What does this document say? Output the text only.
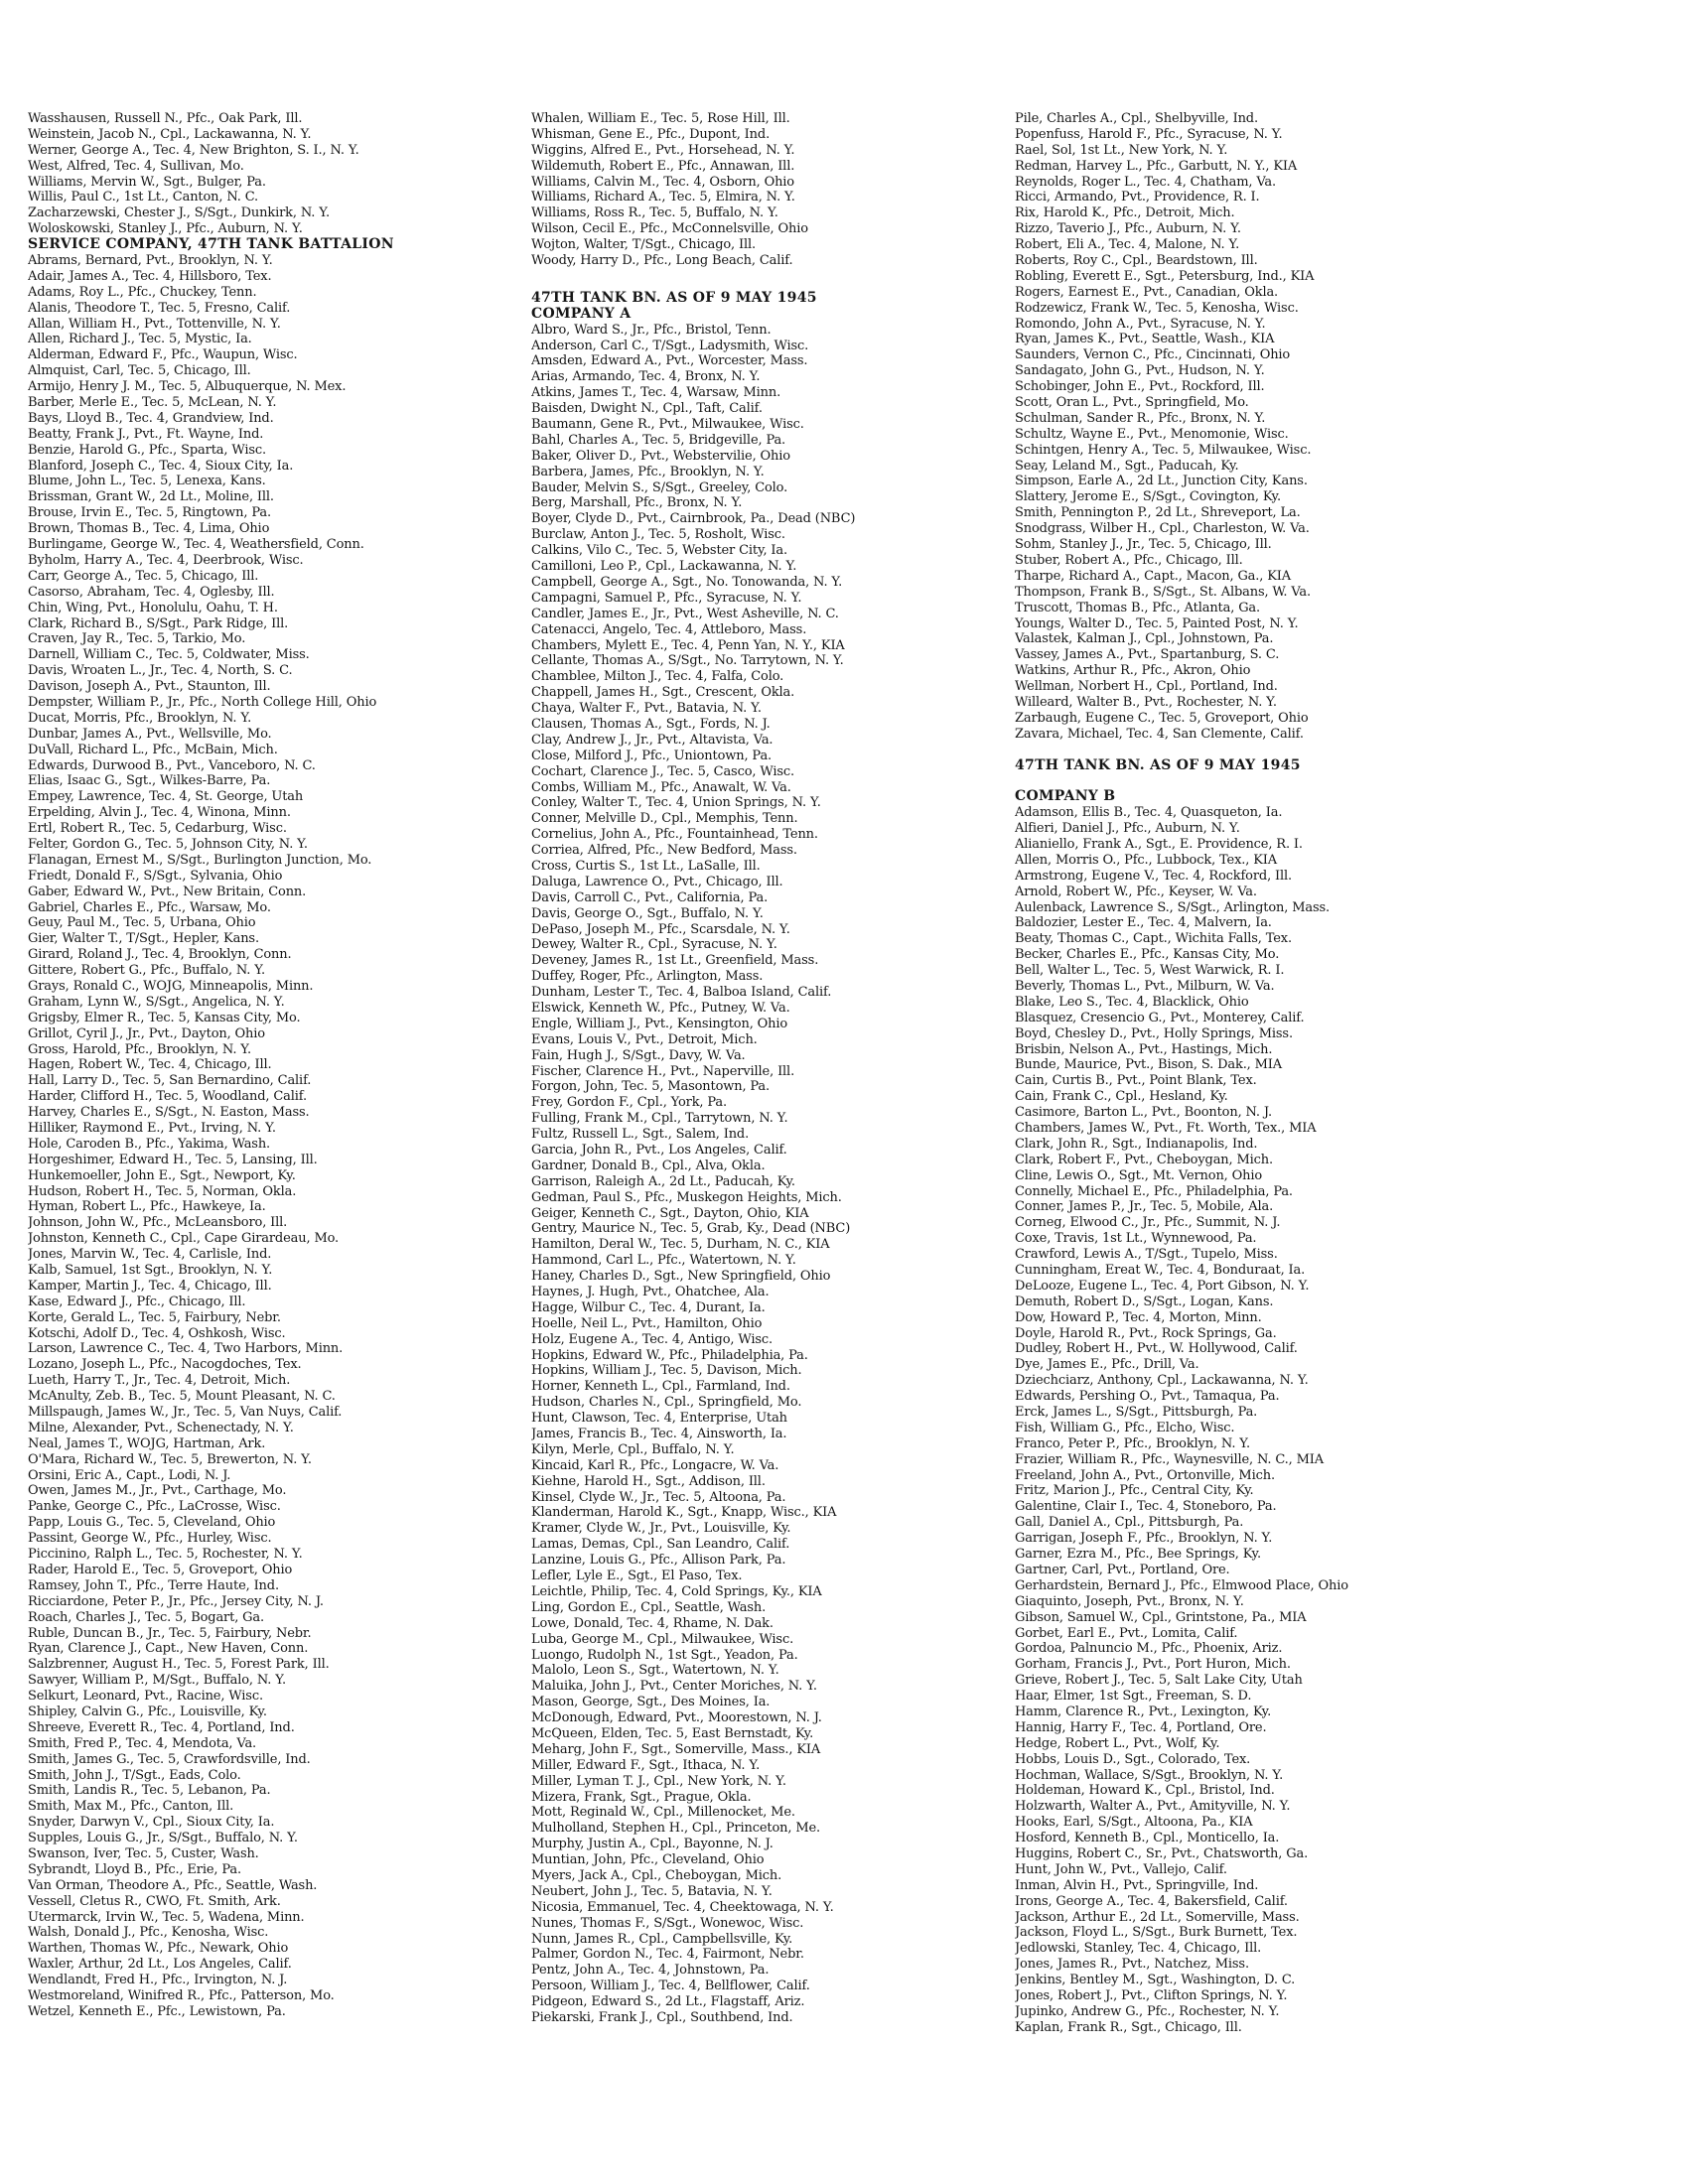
Wasshausen, Russell N., Pfc., Oak Park, Ill.
Weinstein, Jacob N., Cpl., Lackawanna, N. Y.
Werner, George A., Tec. 4, New Brighton, S. I., N. Y.
West, Alfred, Tec. 4, Sullivan, Mo.
Williams, Mervin W., Sgt., Bulger, Pa.
Willis, Paul C., 1st Lt., Canton, N. C.
Zacharzewski, Chester J., S/Sgt., Dunkirk, N. Y.
Woloskowski, Stanley J., Pfc., Auburn, N. Y.
SERVICE COMPANY, 47TH TANK BATTALION
Abrams, Bernard, Pvt., Brooklyn, N. Y.
Adair, James A., Tec. 4, Hillsboro, Tex.
Adams, Roy L., Pfc., Chuckey, Tenn.
Alanis, Theodore T., Tec. 5, Fresno, Calif.
Allan, William H., Pvt., Tottenville, N. Y.
Allen, Richard J., Tec. 5, Mystic, Ia.
Alderman, Edward F., Pfc., Waupun, Wisc.
Almquist, Carl, Tec. 5, Chicago, Ill.
Armijo, Henry J. M., Tec. 5, Albuquerque, N. Mex.
Barber, Merle E., Tec. 5, McLean, N. Y.
Bays, Lloyd B., Tec. 4, Grandview, Ind.
Beatty, Frank J., Pvt., Ft. Wayne, Ind.
Benzie, Harold G., Pfc., Sparta, Wisc.
Blanford, Joseph C., Tec. 4, Sioux City, Ia.
Blume, John L., Tec. 5, Lenexa, Kans.
Brissman, Grant W., 2d Lt., Moline, Ill.
Brouse, Irvin E., Tec. 5, Ringtown, Pa.
Brown, Thomas B., Tec. 4, Lima, Ohio
Burlingame, George W., Tec. 4, Weathersfield, Conn.
Byholm, Harry A., Tec. 4, Deerbrook, Wisc.
Carr, George A., Tec. 5, Chicago, Ill.
Casorso, Abraham, Tec. 4, Oglesby, Ill.
Chin, Wing, Pvt., Honolulu, Oahu, T. H.
Clark, Richard B., S/Sgt., Park Ridge, Ill.
Craven, Jay R., Tec. 5, Tarkio, Mo.
Darnell, William C., Tec. 5, Coldwater, Miss.
Davis, Wroaten L., Jr., Tec. 4, North, S. C.
Davison, Joseph A., Pvt., Staunton, Ill.
Dempster, William P., Jr., Pfc., North College Hill, Ohio
Ducat, Morris, Pfc., Brooklyn, N. Y.
Dunbar, James A., Pvt., Wellsville, Mo.
DuVall, Richard L., Pfc., McBain, Mich.
Edwards, Durwood B., Pvt., Vanceboro, N. C.
Elias, Isaac G., Sgt., Wilkes-Barre, Pa.
Empey, Lawrence, Tec. 4, St. George, Utah
Erpelding, Alvin J., Tec. 4, Winona, Minn.
Ertl, Robert R., Tec. 5, Cedarburg, Wisc.
Felter, Gordon G., Tec. 5, Johnson City, N. Y.
Flanagan, Ernest M., S/Sgt., Burlington Junction, Mo.
Friedt, Donald F., S/Sgt., Sylvania, Ohio
Gaber, Edward W., Pvt., New Britain, Conn.
Gabriel, Charles E., Pfc., Warsaw, Mo.
Geuy, Paul M., Tec. 5, Urbana, Ohio
Gier, Walter T., T/Sgt., Hepler, Kans.
Girard, Roland J., Tec. 4, Brooklyn, Conn.
Gittere, Robert G., Pfc., Buffalo, N. Y.
Grays, Ronald C., WOJG, Minneapolis, Minn.
Graham, Lynn W., S/Sgt., Angelica, N. Y.
Grigsby, Elmer R., Tec. 5, Kansas City, Mo.
Grillot, Cyril J., Jr., Pvt., Dayton, Ohio
Gross, Harold, Pfc., Brooklyn, N. Y.
Hagen, Robert W., Tec. 4, Chicago, Ill.
Hall, Larry D., Tec. 5, San Bernardino, Calif.
Harder, Clifford H., Tec. 5, Woodland, Calif.
Harvey, Charles E., S/Sgt., N. Easton, Mass.
Hilliker, Raymond E., Pvt., Irving, N. Y.
Hole, Caroden B., Pfc., Yakima, Wash.
Horgeshimer, Edward H., Tec. 5, Lansing, Ill.
Hunkemoeller, John E., Sgt., Newport, Ky.
Hudson, Robert H., Tec. 5, Norman, Okla.
Hyman, Robert L., Pfc., Hawkeye, Ia.
Johnson, John W., Pfc., McLeansboro, Ill.
Johnston, Kenneth C., Cpl., Cape Girardeau, Mo.
Jones, Marvin W., Tec. 4, Carlisle, Ind.
Kalb, Samuel, 1st Sgt., Brooklyn, N. Y.
Kamper, Martin J., Tec. 4, Chicago, Ill.
Kase, Edward J., Pfc., Chicago, Ill.
Korte, Gerald L., Tec. 5, Fairbury, Nebr.
Kotschi, Adolf D., Tec. 4, Oshkosh, Wisc.
Larson, Lawrence C., Tec. 4, Two Harbors, Minn.
Lozano, Joseph L., Pfc., Nacogdoches, Tex.
Lueth, Harry T., Jr., Tec. 4, Detroit, Mich.
McAnulty, Zeb. B., Tec. 5, Mount Pleasant, N. C.
Millspaugh, James W., Jr., Tec. 5, Van Nuys, Calif.
Milne, Alexander, Pvt., Schenectady, N. Y.
Neal, James T., WOJG, Hartman, Ark.
O'Mara, Richard W., Tec. 5, Brewerton, N. Y.
Orsini, Eric A., Capt., Lodi, N. J.
Owen, James M., Jr., Pvt., Carthage, Mo.
Panke, George C., Pfc., LaCrosse, Wisc.
Papp, Louis G., Tec. 5, Cleveland, Ohio
Passint, George W., Pfc., Hurley, Wisc.
Piccinino, Ralph L., Tec. 5, Rochester, N. Y.
Rader, Harold E., Tec. 5, Groveport, Ohio
Ramsey, John T., Pfc., Terre Haute, Ind.
Ricciardone, Peter P., Jr., Pfc., Jersey City, N. J.
Roach, Charles J., Tec. 5, Bogart, Ga.
Ruble, Duncan B., Jr., Tec. 5, Fairbury, Nebr.
Ryan, Clarence J., Capt., New Haven, Conn.
Salzbrenner, August H., Tec. 5, Forest Park, Ill.
Sawyer, William P., M/Sgt., Buffalo, N. Y.
Selkurt, Leonard, Pvt., Racine, Wisc.
Shipley, Calvin G., Pfc., Louisville, Ky.
Shreeve, Everett R., Tec. 4, Portland, Ind.
Smith, Fred P., Tec. 4, Mendota, Va.
Smith, James G., Tec. 5, Crawfordsville, Ind.
Smith, John J., T/Sgt., Eads, Colo.
Smith, Landis R., Tec. 5, Lebanon, Pa.
Smith, Max M., Pfc., Canton, Ill.
Snyder, Darwyn V., Cpl., Sioux City, Ia.
Supples, Louis G., Jr., S/Sgt., Buffalo, N. Y.
Swanson, Iver, Tec. 5, Custer, Wash.
Sybrandt, Lloyd B., Pfc., Erie, Pa.
Van Orman, Theodore A., Pfc., Seattle, Wash.
Vessell, Cletus R., CWO, Ft. Smith, Ark.
Utermarck, Irvin W., Tec. 5, Wadena, Minn.
Walsh, Donald J., Pfc., Kenosha, Wisc.
Warthen, Thomas W., Pfc., Newark, Ohio
Waxler, Arthur, 2d Lt., Los Angeles, Calif.
Wendlandt, Fred H., Pfc., Irvington, N. J.
Westmoreland, Winifred R., Pfc., Patterson, Mo.
Wetzel, Kenneth E., Pfc., Lewistown, Pa.
Whalen, William E., Tec. 5, Rose Hill, Ill.
Whisman, Gene E., Pfc., Dupont, Ind.
Wiggins, Alfred E., Pvt., Horsehead, N. Y.
Wildemuth, Robert E., Pfc., Annawan, Ill.
Williams, Calvin M., Tec. 4, Osborn, Ohio
Williams, Richard A., Tec. 5, Elmira, N. Y.
Williams, Ross R., Tec. 5, Buffalo, N. Y.
Wilson, Cecil E., Pfc., McConnelsville, Ohio
Wojton, Walter, T/Sgt., Chicago, Ill.
Woody, Harry D., Pfc., Long Beach, Calif.
47TH TANK BN. AS OF 9 MAY 1945
COMPANY A
Albro, Ward S., Jr., Pfc., Bristol, Tenn.
Anderson, Carl C., T/Sgt., Ladysmith, Wisc.
Amsden, Edward A., Pvt., Worcester, Mass.
Arias, Armando, Tec. 4, Bronx, N. Y.
Atkins, James T., Tec. 4, Warsaw, Minn.
Baisden, Dwight N., Cpl., Taft, Calif.
Baumann, Gene R., Pvt., Milwaukee, Wisc.
Bahl, Charles A., Tec. 5, Bridgeville, Pa.
Baker, Oliver D., Pvt., Webstervilie, Ohio
Barbera, James, Pfc., Brooklyn, N. Y.
Bauder, Melvin S., S/Sgt., Greeley, Colo.
Berg, Marshall, Pfc., Bronx, N. Y.
Boyer, Clyde D., Pvt., Cairnbrook, Pa., Dead (NBC)
Burclaw, Anton J., Tec. 5, Rosholt, Wisc.
Calkins, Vilo C., Tec. 5, Webster City, Ia.
Camilloni, Leo P., Cpl., Lackawanna, N. Y.
Campbell, George A., Sgt., No. Tonowanda, N. Y.
Campagni, Samuel P., Pfc., Syracuse, N. Y.
Candler, James E., Jr., Pvt., West Asheville, N. C.
Catenacci, Angelo, Tec. 4, Attleboro, Mass.
Chambers, Mylett E., Tec. 4, Penn Yan, N. Y., KIA
Cellante, Thomas A., S/Sgt., No. Tarrytown, N. Y.
Chamblee, Milton J., Tec. 4, Falfa, Colo.
Chappell, James H., Sgt., Crescent, Okla.
Chaya, Walter F., Pvt., Batavia, N. Y.
Clausen, Thomas A., Sgt., Fords, N. J.
Clay, Andrew J., Jr., Pvt., Altavista, Va.
Close, Milford J., Pfc., Uniontown, Pa.
Cochart, Clarence J., Tec. 5, Casco, Wisc.
Combs, William M., Pfc., Anawalt, W. Va.
Conley, Walter T., Tec. 4, Union Springs, N. Y.
Conner, Melville D., Cpl., Memphis, Tenn.
Cornelius, John A., Pfc., Fountainhead, Tenn.
Corriea, Alfred, Pfc., New Bedford, Mass.
Cross, Curtis S., 1st Lt., LaSalle, Ill.
Daluga, Lawrence O., Pvt., Chicago, Ill.
Davis, Carroll C., Pvt., California, Pa.
Davis, George O., Sgt., Buffalo, N. Y.
DePaso, Joseph M., Pfc., Scarsdale, N. Y.
Dewey, Walter R., Cpl., Syracuse, N. Y.
Deveney, James R., 1st Lt., Greenfield, Mass.
Duffey, Roger, Pfc., Arlington, Mass.
Dunham, Lester T., Tec. 4, Balboa Island, Calif.
Elswick, Kenneth W., Pfc., Putney, W. Va.
Engle, William J., Pvt., Kensington, Ohio
Evans, Louis V., Pvt., Detroit, Mich.
Fain, Hugh J., S/Sgt., Davy, W. Va.
Fischer, Clarence H., Pvt., Naperville, Ill.
Forgon, John, Tec. 5, Masontown, Pa.
Frey, Gordon F., Cpl., York, Pa.
Fulling, Frank M., Cpl., Tarrytown, N. Y.
Fultz, Russell L., Sgt., Salem, Ind.
Garcia, John R., Pvt., Los Angeles, Calif.
Gardner, Donald B., Cpl., Alva, Okla.
Garrison, Raleigh A., 2d Lt., Paducah, Ky.
Gedman, Paul S., Pfc., Muskegon Heights, Mich.
Geiger, Kenneth C., Sgt., Dayton, Ohio, KIA
Gentry, Maurice N., Tec. 5, Grab, Ky., Dead (NBC)
Hamilton, Deral W., Tec. 5, Durham, N. C., KIA
Hammond, Carl L., Pfc., Watertown, N. Y.
Haney, Charles D., Sgt., New Springfield, Ohio
Haynes, J. Hugh, Pvt., Ohatchee, Ala.
Hagge, Wilbur C., Tec. 4, Durant, Ia.
Hoelle, Neil L., Pvt., Hamilton, Ohio
Holz, Eugene A., Tec. 4, Antigo, Wisc.
Hopkins, Edward W., Pfc., Philadelphia, Pa.
Hopkins, William J., Tec. 5, Davison, Mich.
Horner, Kenneth L., Cpl., Farmland, Ind.
Hudson, Charles N., Cpl., Springfield, Mo.
Hunt, Clawson, Tec. 4, Enterprise, Utah
James, Francis B., Tec. 4, Ainsworth, Ia.
Kilyn, Merle, Cpl., Buffalo, N. Y.
Kincaid, Karl R., Pfc., Longacre, W. Va.
Kiehne, Harold H., Sgt., Addison, Ill.
Kinsel, Clyde W., Jr., Tec. 5, Altoona, Pa.
Klanderman, Harold K., Sgt., Knapp, Wisc., KIA
Kramer, Clyde W., Jr., Pvt., Louisville, Ky.
Lamas, Demas, Cpl., San Leandro, Calif.
Lanzine, Louis G., Pfc., Allison Park, Pa.
Lefler, Lyle E., Sgt., El Paso, Tex.
Leichtle, Philip, Tec. 4, Cold Springs, Ky., KIA
Ling, Gordon E., Cpl., Seattle, Wash.
Lowe, Donald, Tec. 4, Rhame, N. Dak.
Luba, George M., Cpl., Milwaukee, Wisc.
Luongo, Rudolph N., 1st Sgt., Yeadon, Pa.
Malolo, Leon S., Sgt., Watertown, N. Y.
Maluika, John J., Pvt., Center Moriches, N. Y.
Mason, George, Sgt., Des Moines, Ia.
McDonough, Edward, Pvt., Moorestown, N. J.
McQueen, Elden, Tec. 5, East Bernstadt, Ky.
Meharg, John F., Sgt., Somerville, Mass., KIA
Miller, Edward F., Sgt., Ithaca, N. Y.
Miller, Lyman T. J., Cpl., New York, N. Y.
Mizera, Frank, Sgt., Prague, Okla.
Mott, Reginald W., Cpl., Millenocket, Me.
Mulholland, Stephen H., Cpl., Princeton, Me.
Murphy, Justin A., Cpl., Bayonne, N. J.
Muntian, John, Pfc., Cleveland, Ohio
Myers, Jack A., Cpl., Cheboygan, Mich.
Neubert, John J., Tec. 5, Batavia, N. Y.
Nicosia, Emmanuel, Tec. 4, Cheektowaga, N. Y.
Nunes, Thomas F., S/Sgt., Wonewoc, Wisc.
Nunn, James R., Cpl., Campbellsville, Ky.
Palmer, Gordon N., Tec. 4, Fairmont, Nebr.
Pentz, John A., Tec. 4, Johnstown, Pa.
Persoon, William J., Tec. 4, Bellflower, Calif.
Pidgeon, Edward S., 2d Lt., Flagstaff, Ariz.
Piekarski, Frank J., Cpl., Southbend, Ind.
Pile, Charles A., Cpl., Shelbyville, Ind.
Popenfuss, Harold F., Pfc., Syracuse, N. Y.
Rael, Sol, 1st Lt., New York, N. Y.
Redman, Harvey L., Pfc., Garbutt, N. Y., KIA
Reynolds, Roger L., Tec. 4, Chatham, Va.
Ricci, Armando, Pvt., Providence, R. I.
Rix, Harold K., Pfc., Detroit, Mich.
Rizzo, Taverio J., Pfc., Auburn, N. Y.
Robert, Eli A., Tec. 4, Malone, N. Y.
Roberts, Roy C., Cpl., Beardstown, Ill.
Robling, Everett E., Sgt., Petersburg, Ind., KIA
Rogers, Earnest E., Pvt., Canadian, Okla.
Rodzewicz, Frank W., Tec. 5, Kenosha, Wisc.
Romondo, John A., Pvt., Syracuse, N. Y.
Ryan, James K., Pvt., Seattle, Wash., KIA
Saunders, Vernon C., Pfc., Cincinnati, Ohio
Sandagato, John G., Pvt., Hudson, N. Y.
Schobinger, John E., Pvt., Rockford, Ill.
Scott, Oran L., Pvt., Springfield, Mo.
Schulman, Sander R., Pfc., Bronx, N. Y.
Schultz, Wayne E., Pvt., Menomonie, Wisc.
Schintgen, Henry A., Tec. 5, Milwaukee, Wisc.
Seay, Leland M., Sgt., Paducah, Ky.
Simpson, Earle A., 2d Lt., Junction City, Kans.
Slattery, Jerome E., S/Sgt., Covington, Ky.
Smith, Pennington P., 2d Lt., Shreveport, La.
Snodgrass, Wilber H., Cpl., Charleston, W. Va.
Sohm, Stanley J., Jr., Tec. 5, Chicago, Ill.
Stuber, Robert A., Pfc., Chicago, Ill.
Tharpe, Richard A., Capt., Macon, Ga., KIA
Thompson, Frank B., S/Sgt., St. Albans, W. Va.
Truscott, Thomas B., Pfc., Atlanta, Ga.
Youngs, Walter D., Tec. 5, Painted Post, N. Y.
Valastek, Kalman J., Cpl., Johnstown, Pa.
Vassey, James A., Pvt., Spartanburg, S. C.
Watkins, Arthur R., Pfc., Akron, Ohio
Wellman, Norbert H., Cpl., Portland, Ind.
Willeard, Walter B., Pvt., Rochester, N. Y.
Zarbaugh, Eugene C., Tec. 5, Groveport, Ohio
Zavara, Michael, Tec. 4, San Clemente, Calif.
47TH TANK BN. AS OF 9 MAY 1945
COMPANY B
Adamson, Ellis B., Tec. 4, Quasqueton, Ia.
Alfieri, Daniel J., Pfc., Auburn, N. Y.
Alianiello, Frank A., Sgt., E. Providence, R. I.
Allen, Morris O., Pfc., Lubbock, Tex., KIA
Armstrong, Eugene V., Tec. 4, Rockford, Ill.
Arnold, Robert W., Pfc., Keyser, W. Va.
Aulenback, Lawrence S., S/Sgt., Arlington, Mass.
Baldozier, Lester E., Tec. 4, Malvern, Ia.
Beaty, Thomas C., Capt., Wichita Falls, Tex.
Becker, Charles E., Pfc., Kansas City, Mo.
Bell, Walter L., Tec. 5, West Warwick, R. I.
Beverly, Thomas L., Pvt., Milburn, W. Va.
Blake, Leo S., Tec. 4, Blacklick, Ohio
Blasquez, Cresencio G., Pvt., Monterey, Calif.
Boyd, Chesley D., Pvt., Holly Springs, Miss.
Brisbin, Nelson A., Pvt., Hastings, Mich.
Bunde, Maurice, Pvt., Bison, S. Dak., MIA
Cain, Curtis B., Pvt., Point Blank, Tex.
Cain, Frank C., Cpl., Hesland, Ky.
Casimore, Barton L., Pvt., Boonton, N. J.
Chambers, James W., Pvt., Ft. Worth, Tex., MIA
Clark, John R., Sgt., Indianapolis, Ind.
Clark, Robert F., Pvt., Cheboygan, Mich.
Cline, Lewis O., Sgt., Mt. Vernon, Ohio
Connelly, Michael E., Pfc., Philadelphia, Pa.
Conner, James P., Jr., Tec. 5, Mobile, Ala.
Corneg, Elwood C., Jr., Pfc., Summit, N. J.
Coxe, Travis, 1st Lt., Wynnewood, Pa.
Crawford, Lewis A., T/Sgt., Tupelo, Miss.
Cunningham, Ereat W., Tec. 4, Bonduraat, Ia.
DeLooze, Eugene L., Tec. 4, Port Gibson, N. Y.
Demuth, Robert D., S/Sgt., Logan, Kans.
Dow, Howard P., Tec. 4, Morton, Minn.
Doyle, Harold R., Pvt., Rock Springs, Ga.
Dudley, Robert H., Pvt., W. Hollywood, Calif.
Dye, James E., Pfc., Drill, Va.
Dziechciarz, Anthony, Cpl., Lackawanna, N. Y.
Edwards, Pershing O., Pvt., Tamaqua, Pa.
Erck, James L., S/Sgt., Pittsburgh, Pa.
Fish, William G., Pfc., Elcho, Wisc.
Franco, Peter P., Pfc., Brooklyn, N. Y.
Frazier, William R., Pfc., Waynesville, N. C., MIA
Freeland, John A., Pvt., Ortonville, Mich.
Fritz, Marion J., Pfc., Central City, Ky.
Galentine, Clair I., Tec. 4, Stoneboro, Pa.
Gall, Daniel A., Cpl., Pittsburgh, Pa.
Garrigan, Joseph F., Pfc., Brooklyn, N. Y.
Garner, Ezra M., Pfc., Bee Springs, Ky.
Gartner, Carl, Pvt., Portland, Ore.
Gerhardstein, Bernard J., Pfc., Elmwood Place, Ohio
Giaquinto, Joseph, Pvt., Bronx, N. Y.
Gibson, Samuel W., Cpl., Grintstone, Pa., MIA
Gorbet, Earl E., Pvt., Lomita, Calif.
Gordoa, Palnuncio M., Pfc., Phoenix, Ariz.
Gorham, Francis J., Pvt., Port Huron, Mich.
Grieve, Robert J., Tec. 5, Salt Lake City, Utah
Haar, Elmer, 1st Sgt., Freeman, S. D.
Hamm, Clarence R., Pvt., Lexington, Ky.
Hannig, Harry F., Tec. 4, Portland, Ore.
Hedge, Robert L., Pvt., Wolf, Ky.
Hobbs, Louis D., Sgt., Colorado, Tex.
Hochman, Wallace, S/Sgt., Brooklyn, N. Y.
Holdeman, Howard K., Cpl., Bristol, Ind.
Holzwarth, Walter A., Pvt., Amityville, N. Y.
Hooks, Earl, S/Sgt., Altoona, Pa., KIA
Hosford, Kenneth B., Cpl., Monticello, Ia.
Huggins, Robert C., Sr., Pvt., Chatsworth, Ga.
Hunt, John W., Pvt., Vallejo, Calif.
Inman, Alvin H., Pvt., Springville, Ind.
Irons, George A., Tec. 4, Bakersfield, Calif.
Jackson, Arthur E., 2d Lt., Somerville, Mass.
Jackson, Floyd L., S/Sgt., Burk Burnett, Tex.
Jedlowski, Stanley, Tec. 4, Chicago, Ill.
Jones, James R., Pvt., Natchez, Miss.
Jenkins, Bentley M., Sgt., Washington, D. C.
Jones, Robert J., Pvt., Clifton Springs, N. Y.
Jupinko, Andrew G., Pfc., Rochester, N. Y.
Kaplan, Frank R., Sgt., Chicago, Ill.
